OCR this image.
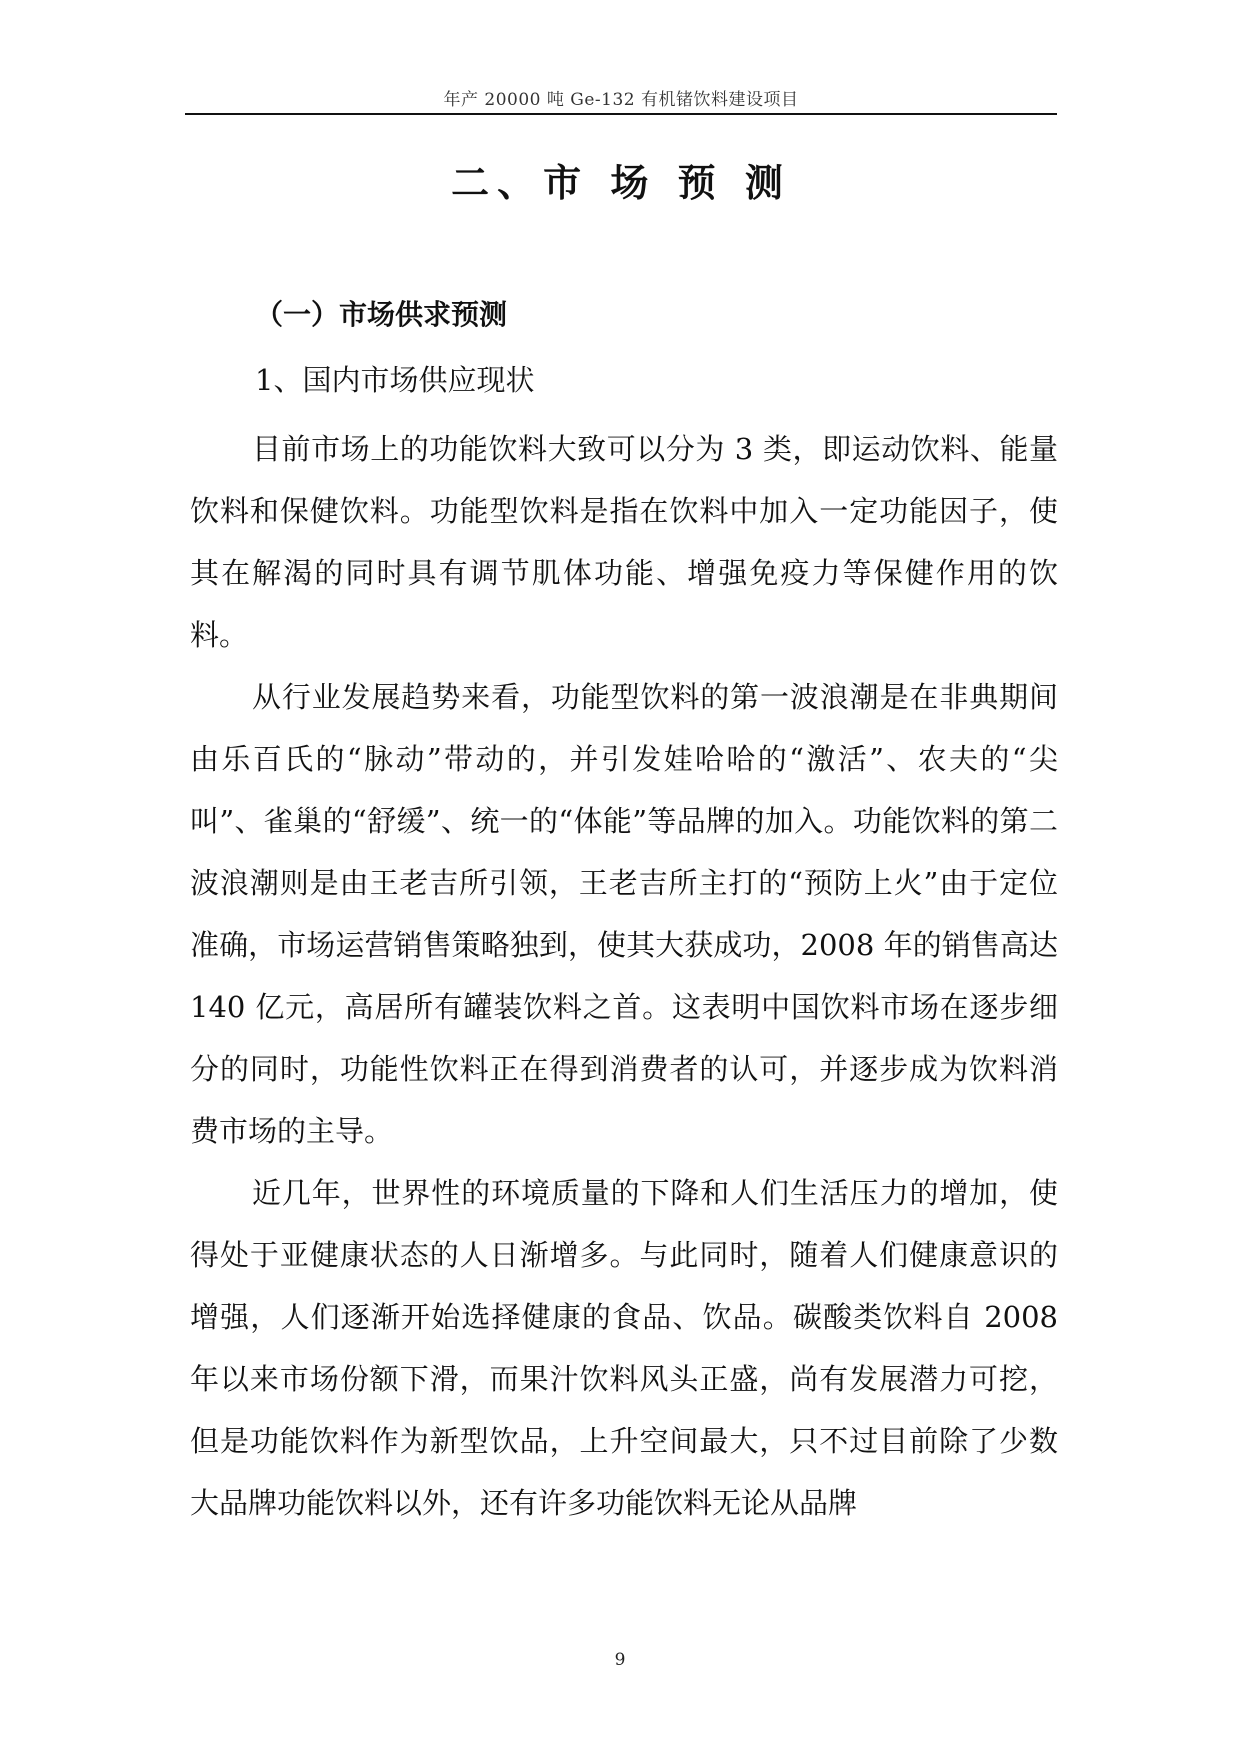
年产 20000 吨 Ge-132 有机锗饮料建设项目
二、市 场 预 测
（一）市场供求预测
1、国内市场供应现状

目前市场上的功能饮料大致可以分为 3 类，即运动饮料、能量饮料和保健饮料。功能型饮料是指在饮料中加入一定功能因子，使其在解渴的同时具有调节肌体功能、增强免疫力等保健作用的饮料。

从行业发展趋势来看，功能型饮料的第一波浪潮是在非典期间由乐百氏的“脉动”带动的，并引发娃哈哈的“激活”、农夫的“尖叫”、雀巢的“舒缓”、统一的“体能”等品牌的加入。功能饮料的第二波浪潮则是由王老吉所引领，王老吉所主打的“预防上火”由于定位准确，市场运营销售策略独到，使其大获成功，2008 年的销售高达 140 亿元，高居所有罐装饮料之首。这表明中国饮料市场在逐步细分的同时，功能性饮料正在得到消费者的认可，并逐步成为饮料消费市场的主导。

近几年，世界性的环境质量的下降和人们生活压力的增加，使得处于亚健康状态的人日渐增多。与此同时，随着人们健康意识的增强，人们逐渐开始选择健康的食品、饮品。碳酸类饮料自 2008 年以来市场份额下滑，而果汁饮料风头正盛，尚有发展潜力可挖，但是功能饮料作为新型饮品，上升空间最大，只不过目前除了少数大品牌功能饮料以外，还有许多功能饮料无论从品牌

9
